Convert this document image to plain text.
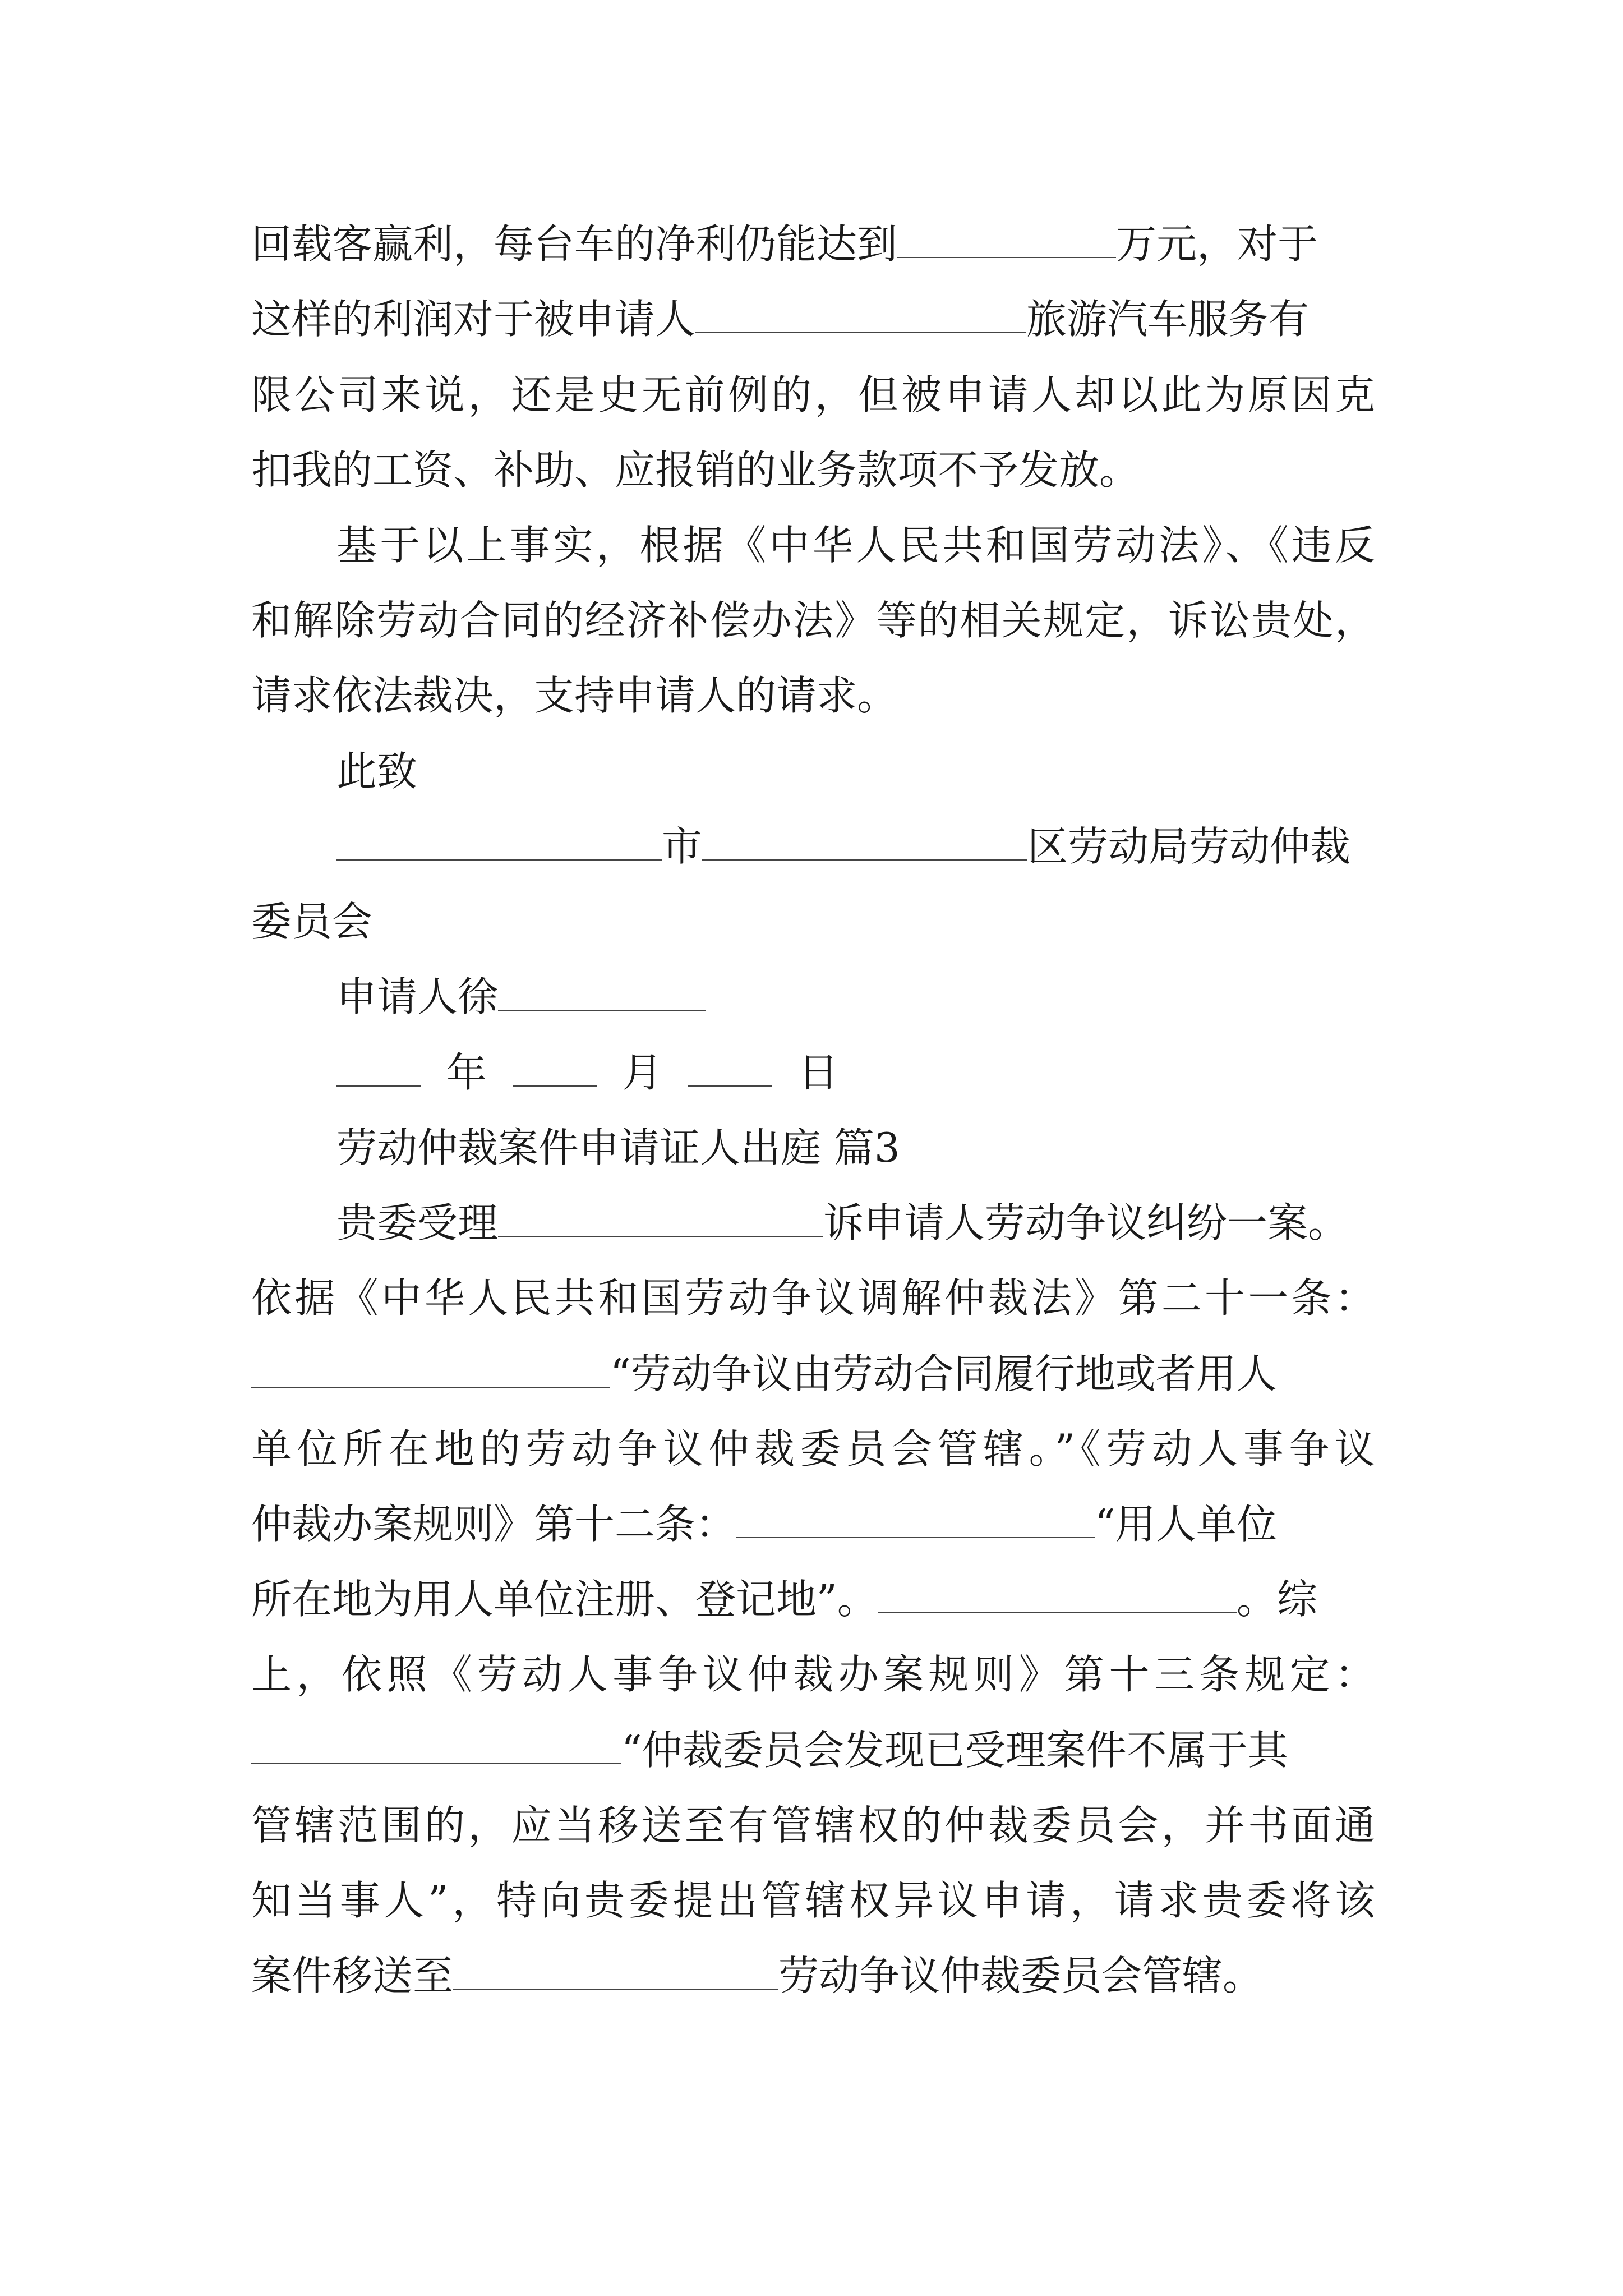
回载客赢利，每台车的净利仍能达到	万元，对于
这样的利润对于被申请人	旅游汽车服务有
限公司来说，还是史无前例的，但被申请人却以此为原因克
扣我的工资、补助、应报销的业务款项不予发放。
基于以上事实，根据《中华人民共和国劳动法》、《违反
和解除劳动合同的经济补偿办法》等的相关规定，诉讼贵处，
请求依法裁决，支持申请人的请求。
此致
市	区劳动局劳动仲裁
委员会
申请人徐
年	月	日
劳动仲裁案件申请证人出庭 篇3
贵委受理	诉申请人劳动争议纠纷一案。
依据《中华人民共和国劳动争议调解仲裁法》第二十一条：
“劳动争议由劳动合同履行地或者用人
单位所在地的劳动争议仲裁委员会管辖。”《劳动人事争议
仲裁办案规则》第十二条：	“用人单位
所在地为用人单位注册、登记地”。	。综
上，依照《劳动人事争议仲裁办案规则》第十三条规定：
“仲裁委员会发现已受理案件不属于其
管辖范围的，应当移送至有管辖权的仲裁委员会，并书面通
知当事人”，特向贵委提出管辖权异议申请，请求贵委将该
案件移送至	劳动争议仲裁委员会管辖。
